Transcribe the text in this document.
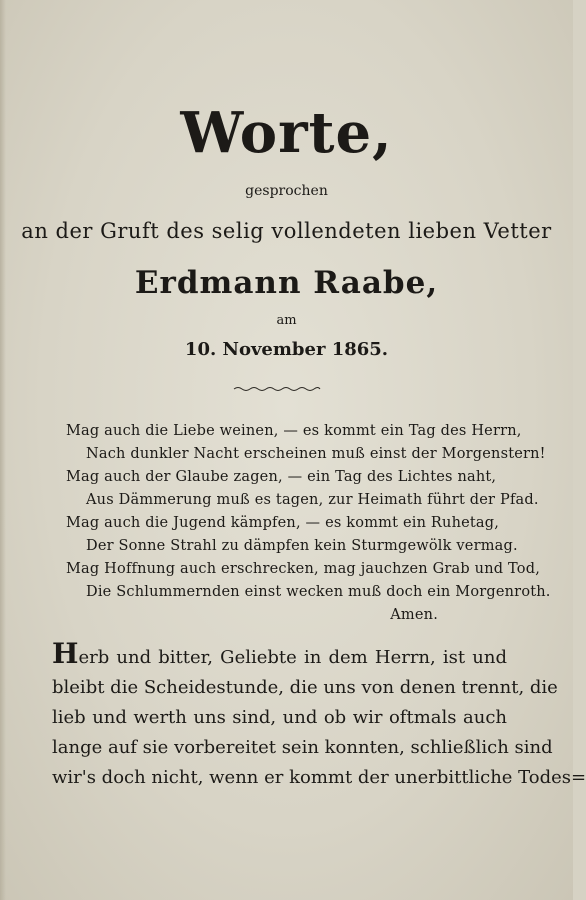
Worte,
gesprochen
an der Gruft des selig vollendeten lieben Vetter
Erdmann Raabe,
am
10. November 1865.
Mag auch die Liebe weinen, — es kommt ein Tag des Herrn,
Nach dunkler Nacht erscheinen muß einst der Morgenstern!
Mag auch der Glaube zagen, — ein Tag des Lichtes naht,
Aus Dämmerung muß es tagen, zur Heimath führt der Pfad.
Mag auch die Jugend kämpfen, — es kommt ein Ruhetag,
Der Sonne Strahl zu dämpfen kein Sturmgewölk vermag.
Mag Hoffnung auch erschrecken, mag jauchzen Grab und Tod,
Die Schlummernden einst wecken muß doch ein Morgenroth.
Amen.
Herb und bitter, Geliebte in dem Herrn, ist und
bleibt die Scheidestunde, die uns von denen trennt, die
lieb und werth uns sind, und ob wir oftmals auch
lange auf sie vorbereitet sein konnten, schließlich sind
wir's doch nicht, wenn er kommt der unerbittliche Todes=
